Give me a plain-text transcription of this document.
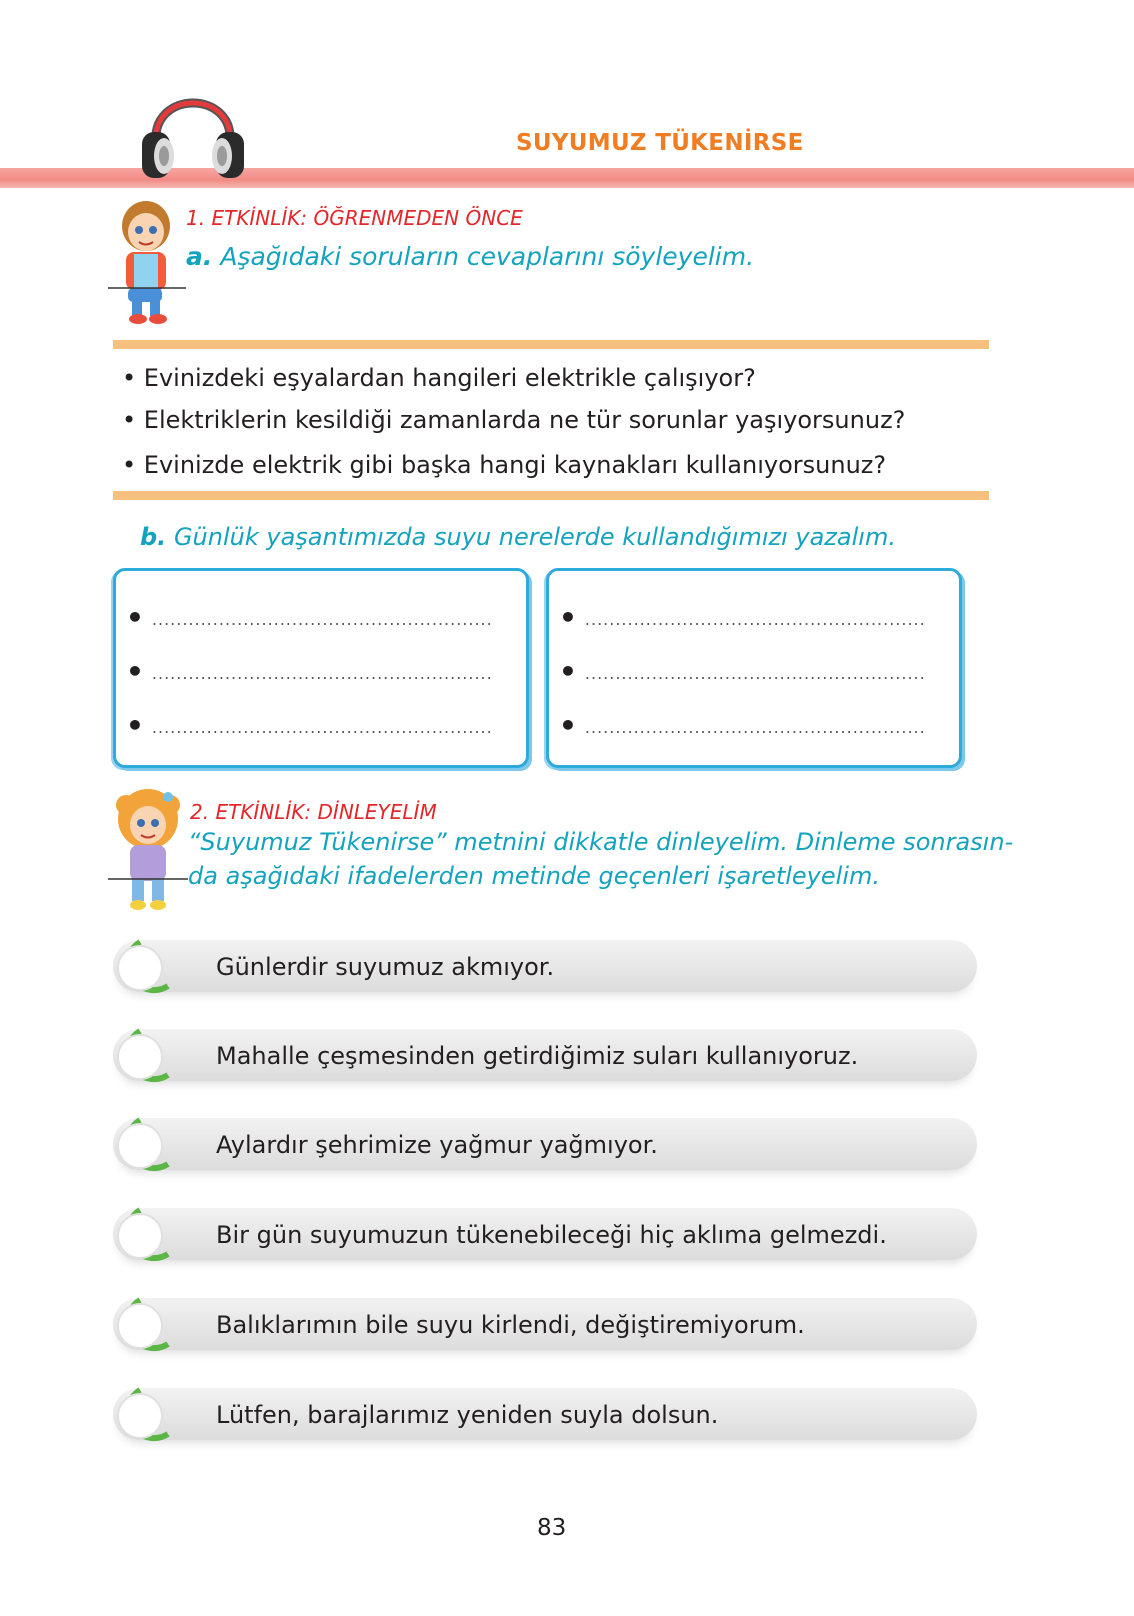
SUYUMUZ TÜKENİRSE
1. ETKİNLİK: ÖĞRENMEDEN ÖNCE
a. Aşağıdaki soruların cevaplarını söyleyelim.
• Evinizdeki eşyalardan hangileri elektrikle çalışıyor?
• Elektriklerin kesildiği zamanlarda ne tür sorunlar yaşıyorsunuz?
• Evinizde elektrik gibi başka hangi kaynakları kullanıyorsunuz?
b. Günlük yaşantımızda suyu nerelerde kullandığımızı yazalım.
• ........................................................
• ........................................................
• ........................................................
• ........................................................
• ........................................................
• ........................................................
2. ETKİNLİK: DİNLEYELİM
“Suyumuz Tükenirse” metnini dikkatle dinleyelim. Dinleme sonrasın-
da aşağıdaki ifadelerden metinde geçenleri işaretleyelim.
Günlerdir suyumuz akmıyor.
Mahalle çeşmesinden getirdiğimiz suları kullanıyoruz.
Aylardır şehrimize yağmur yağmıyor.
Bir gün suyumuzun tükenebileceği hiç aklıma gelmezdi.
Balıklarımın bile suyu kirlendi, değiştiremiyorum.
Lütfen, barajlarımız yeniden suyla dolsun.
83
